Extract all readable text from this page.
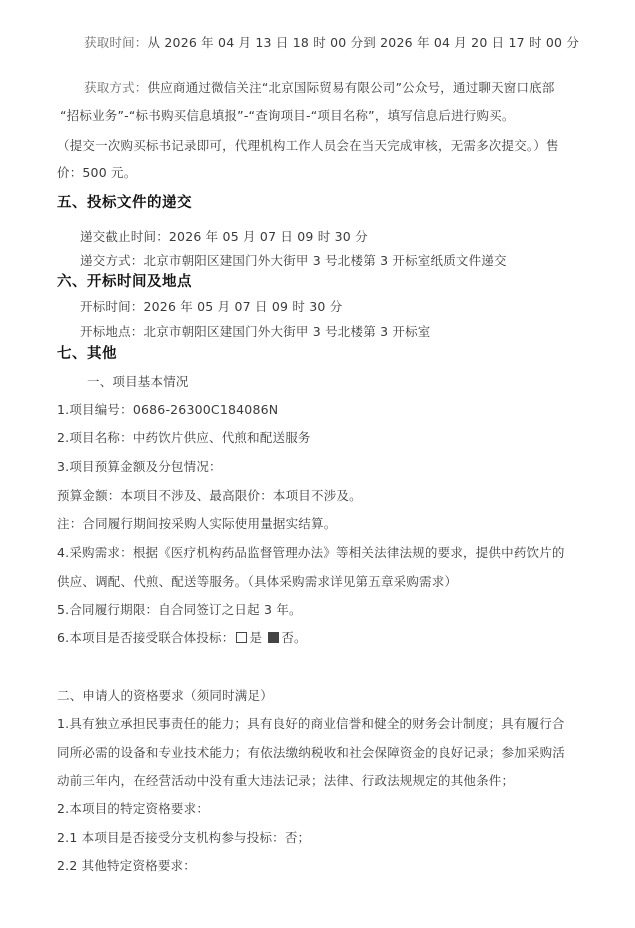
获取时间：从 2026 年 04 月 13 日 18 时 00 分到 2026 年 04 月 20 日 17 时 00 分
获取方式：供应商通过微信关注“北京国际贸易有限公司”公众号，通过聊天窗口底部
“招标业务”-“标书购买信息填报”-“查询项目-“项目名称”，填写信息后进行购买。
（提交一次购买标书记录即可，代理机构工作人员会在当天完成审核，无需多次提交。）售
价：500 元。
五、投标文件的递交
递交截止时间：2026 年 05 月 07 日 09 时 30 分
递交方式：北京市朝阳区建国门外大街甲 3 号北楼第 3 开标室纸质文件递交
六、开标时间及地点
开标时间：2026 年 05 月 07 日 09 时 30 分
开标地点：北京市朝阳区建国门外大街甲 3 号北楼第 3 开标室
七、其他
一、项目基本情况
1.项目编号：0686-26300C184086N
2.项目名称：中药饮片供应、代煎和配送服务
3.项目预算金额及分包情况：
预算金额：本项目不涉及、最高限价：本项目不涉及。
注：合同履行期间按采购人实际使用量据实结算。
4.采购需求：根据《医疗机构药品监督管理办法》等相关法律法规的要求，提供中药饮片的
供应、调配、代煎、配送等服务。（具体采购需求详见第五章采购需求）
5.合同履行期限：自合同签订之日起 3 年。
6.本项目是否接受联合体投标： 是 否。
二、申请人的资格要求（须同时满足）
1.具有独立承担民事责任的能力；具有良好的商业信誉和健全的财务会计制度；具有履行合
同所必需的设备和专业技术能力；有依法缴纳税收和社会保障资金的良好记录；参加采购活
动前三年内，在经营活动中没有重大违法记录；法律、行政法规规定的其他条件；
2.本项目的特定资格要求：
2.1 本项目是否接受分支机构参与投标：否；
2.2 其他特定资格要求：
